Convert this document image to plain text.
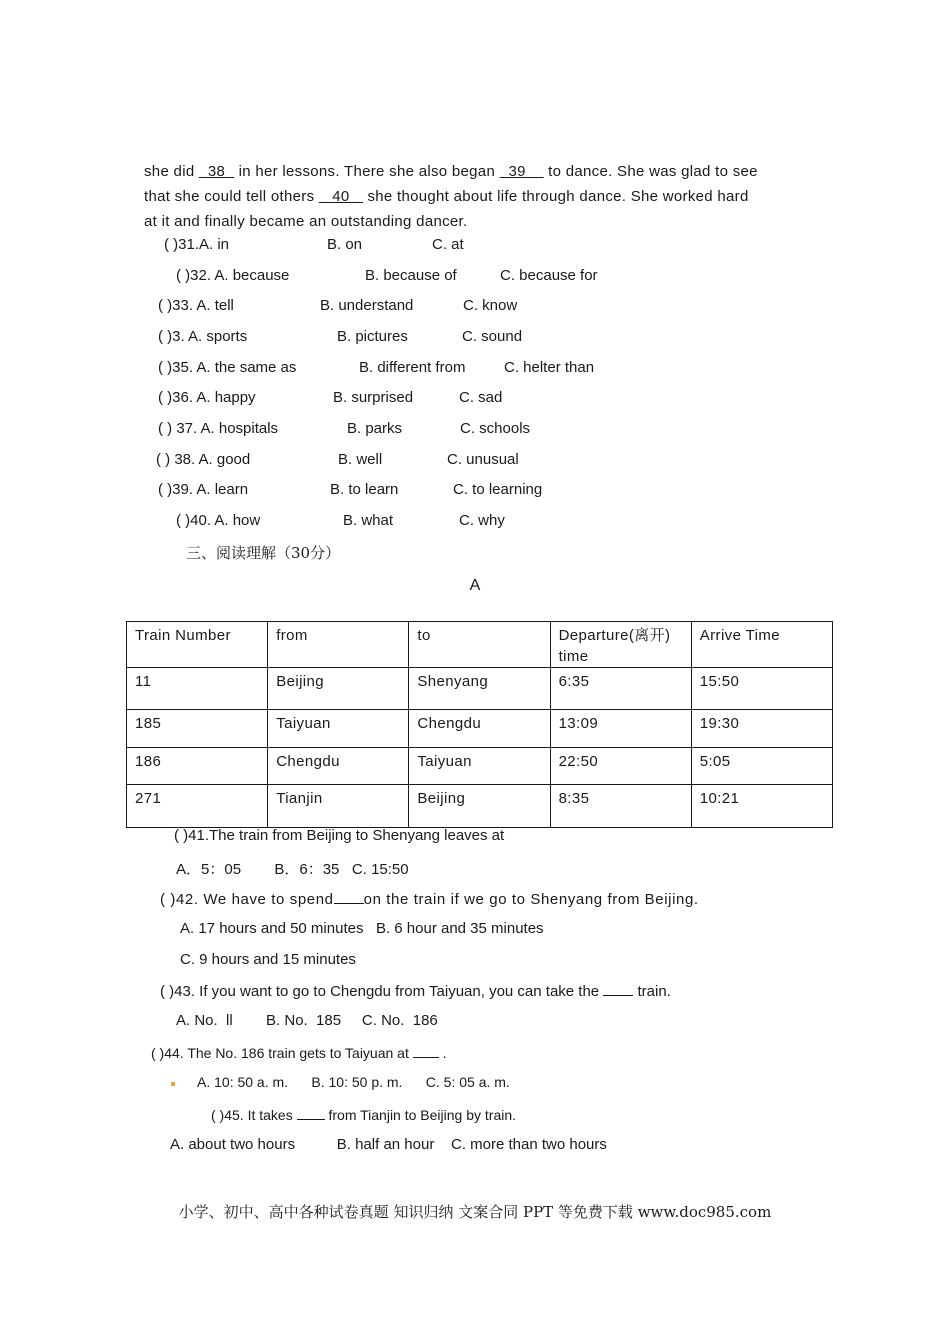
she did   38   in her lessons. There she also began   39     to dance. She was glad to see
that she could tell others    40    she thought about life through dance. She worked hard
at it and finally became an outstanding dancer.
( )31.A. in	B. on	C. at
( )32. A. because	B. because of	C. because for
( )33. A. tell	B. understand	C. know
( )3. A. sports	B. pictures	C. sound
( )35. A. the same as	B. different from	C. helter than
( )36. A. happy	B. surprised	C. sad
( ) 37. A. hospitals	B. parks	C. schools
( ) 38. A. good	B. well	C. unusual
( )39. A. learn	B. to learn	C. to learning
( )40. A. how	B. what	C. why
三、阅读理解（30分）
A
Train Number	from	to	Departure(离开) time	Arrive Time
11	Beijing	Shenyang	6:35	15:50
185	Taiyuan	Chengdu	13:09	19:30
186	Chengdu	Taiyuan	22:50	5:05
271	Tianjin	Beijing	8:35	10:21
( )41.The train from Beijing to Shenyang leaves at
A．5：05        B．6：35   C. 15:50
( )42. We have to spend on the train if we go to Shenyang from Beijing.
A. 17 hours and 50 minutes   B. 6 hour and 35 minutes
C. 9 hours and 15 minutes
( )43. If you want to go to Chengdu from Taiyuan, you can take the  train.
A. No.  ll        B. No.  185     C. No.  186
( )44. The No. 186 train gets to Taiyuan at  .
A. 10: 50 a. m.      B. 10: 50 p. m.      C. 5: 05 a. m.
( )45. It takes  from Tianjin to Beijing by train.
A. about two hours          B. half an hour    C. more than two hours
小学、初中、高中各种试卷真题 知识归纳 文案合同 PPT 等免费下载 www.doc985.com
